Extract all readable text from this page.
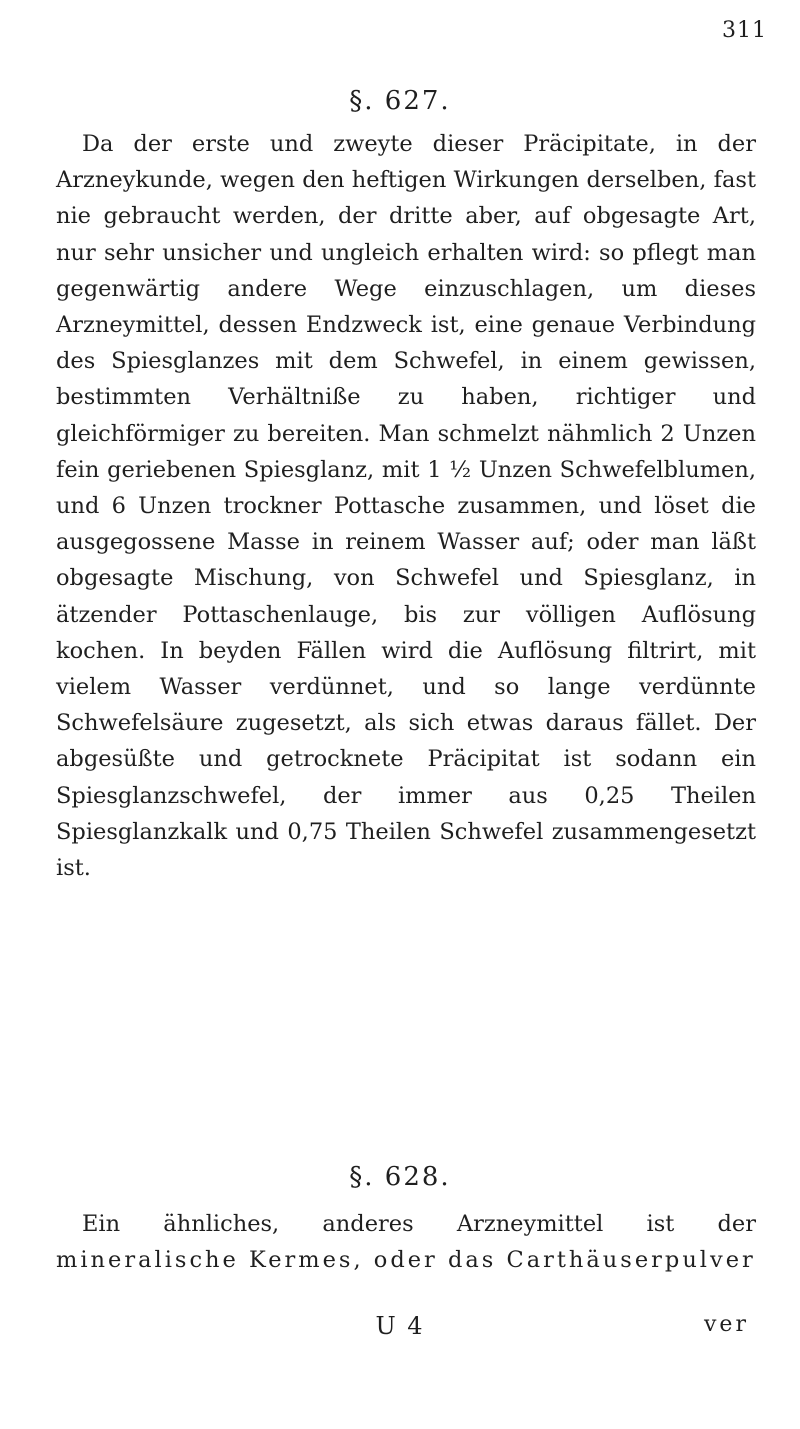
311
§. 627.

Da der erste und zweyte dieser Präcipitate, in der Arzneykunde, wegen den heftigen Wirkungen derselben, fast nie gebraucht werden, der dritte aber, auf obgesagte Art, nur sehr unsicher und ungleich erhalten wird: so pflegt man gegenwärtig andere Wege einzuschlagen, um dieses Arzneymittel, dessen Endzweck ist, eine genaue Verbindung des Spiesglanzes mit dem Schwefel, in einem gewissen, bestimmten Verhältniße zu haben, richtiger und gleichförmiger zu bereiten. Man schmelzt nähmlich 2 Unzen fein geriebenen Spiesglanz, mit 1 ½ Unzen Schwefelblumen, und 6 Unzen trockner Pottasche zusammen, und löset die ausgegossene Masse in reinem Wasser auf; oder man läßt obgesagte Mischung, von Schwefel und Spiesglanz, in ätzender Pottaschenlauge, bis zur völligen Auflösung kochen. In beyden Fällen wird die Auflösung filtrirt, mit vielem Wasser verdünnet, und so lange verdünnte Schwefelsäure zugesetzt, als sich etwas daraus fället. Der abgesüßte und getrocknete Präcipitat ist sodann ein Spiesglanzschwefel, der immer aus 0,25 Theilen Spiesglanzkalk und 0,75 Theilen Schwefel zusammengesetzt ist.

§. 628.

Ein ähnliches, anderes Arzneymittel ist der mineralische Kermes, oder das Carthäuserpulver

U 4	ver
